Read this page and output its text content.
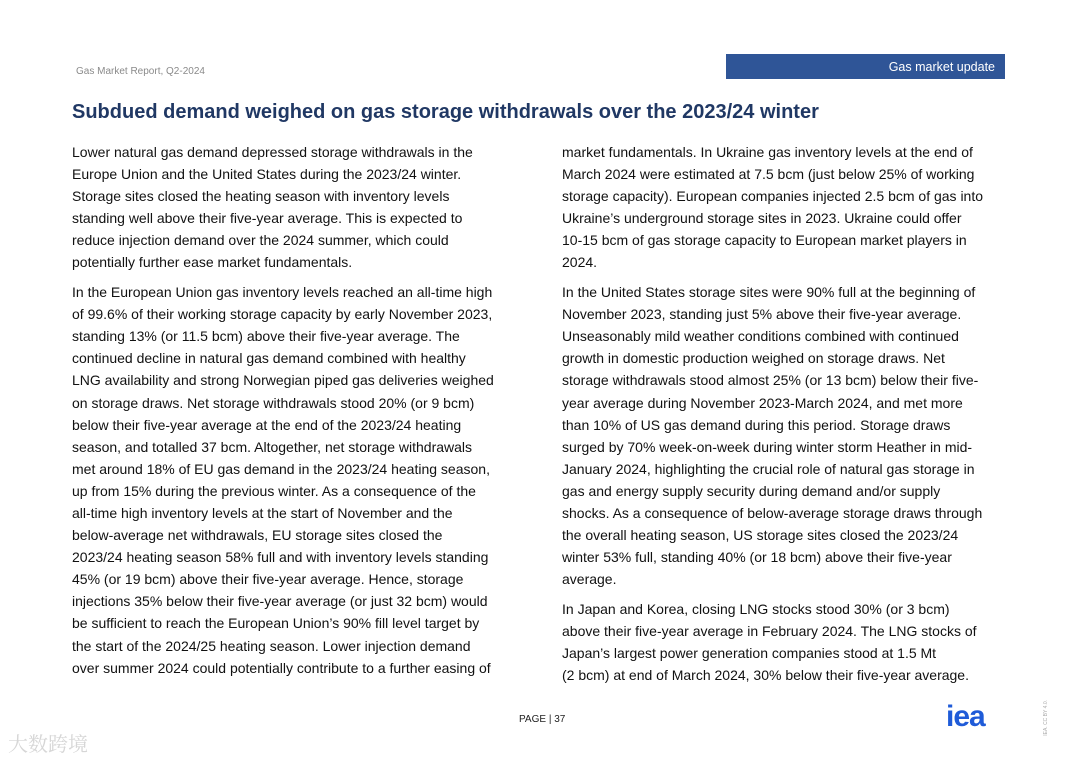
Gas Market Report, Q2-2024	Gas market update
Subdued demand weighed on gas storage withdrawals over the 2023/24 winter

Lower natural gas demand depressed storage withdrawals in the
Europe Union and the United States during the 2023/24 winter.
Storage sites closed the heating season with inventory levels
standing well above their five-year average. This is expected to
reduce injection demand over the 2024 summer, which could
potentially further ease market fundamentals.

In the European Union gas inventory levels reached an all-time high
of 99.6% of their working storage capacity by early November 2023,
standing 13% (or 11.5 bcm) above their five-year average. The
continued decline in natural gas demand combined with healthy
LNG availability and strong Norwegian piped gas deliveries weighed
on storage draws. Net storage withdrawals stood 20% (or 9 bcm)
below their five-year average at the end of the 2023/24 heating
season, and totalled 37 bcm. Altogether, net storage withdrawals
met around 18% of EU gas demand in the 2023/24 heating season,
up from 15% during the previous winter. As a consequence of the
all-time high inventory levels at the start of November and the
below-average net withdrawals, EU storage sites closed the
2023/24 heating season 58% full and with inventory levels standing
45% (or 19 bcm) above their five-year average. Hence, storage
injections 35% below their five-year average (or just 32 bcm) would
be sufficient to reach the European Union’s 90% fill level target by
the start of the 2024/25 heating season. Lower injection demand
over summer 2024 could potentially contribute to a further easing of

market fundamentals. In Ukraine gas inventory levels at the end of
March 2024 were estimated at 7.5 bcm (just below 25% of working
storage capacity). European companies injected 2.5 bcm of gas into
Ukraine’s underground storage sites in 2023. Ukraine could offer
10-15 bcm of gas storage capacity to European market players in
2024.

In the United States storage sites were 90% full at the beginning of
November 2023, standing just 5% above their five-year average.
Unseasonably mild weather conditions combined with continued
growth in domestic production weighed on storage draws. Net
storage withdrawals stood almost 25% (or 13 bcm) below their five-
year average during November 2023-March 2024, and met more
than 10% of US gas demand during this period. Storage draws
surged by 70% week-on-week during winter storm Heather in mid-
January 2024, highlighting the crucial role of natural gas storage in
gas and energy supply security during demand and/or supply
shocks. As a consequence of below-average storage draws through
the overall heating season, US storage sites closed the 2023/24
winter 53% full, standing 40% (or 18 bcm) above their five-year
average.

In Japan and Korea, closing LNG stocks stood 30% (or 3 bcm)
above their five-year average in February 2024. The LNG stocks of
Japan’s largest power generation companies stood at 1.5 Mt
(2 bcm) at end of March 2024, 30% below their five-year average.

PAGE | 37	iea	IEA. CC BY 4.0.
大数跨境
